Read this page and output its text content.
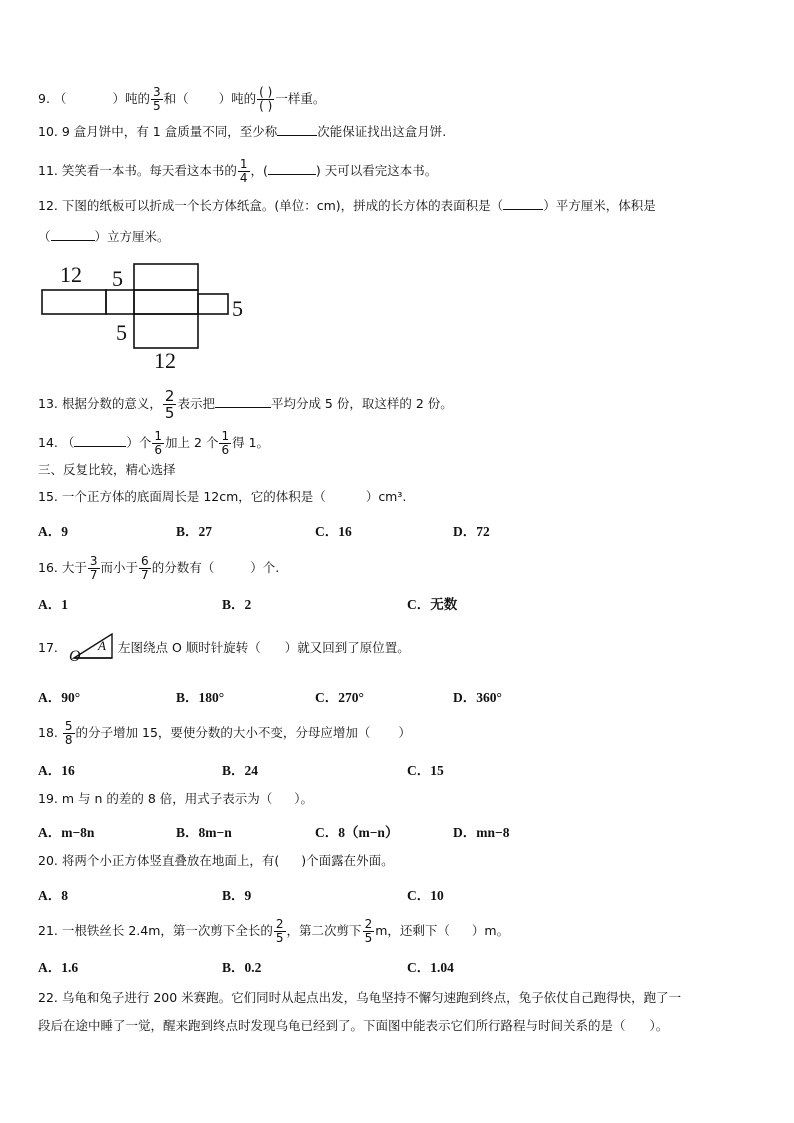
9. （	）吨的 $\frac{3}{5}$ 和（ ）吨的 $\frac{( )}{( )}$ 一样重。
10. 9 盒月饼中，有 1 盒质量不同，至少称	次能保证找出这盒月饼.
11. 笑笑看一本书。每天看这本书的 $\frac{1}{4}$ ，(	) 天可以看完这本书。
12. 下图的纸板可以折成一个长方体纸盒。(单位：cm)，拼成的长方体的表面积是（	）平方厘米，体积是
（	）立方厘米。
12 5
5
5
12
13. 根据分数的意义， $\frac{2}{5}$ 表示把	平均分成 5 份，取这样的 2 份。
14. （	）个 $\frac{1}{6}$ 加上 2 个 $\frac{1}{6}$ 得 1。
三、反复比较，精心选择
15. 一个正方体的底面周长是 12cm，它的体积是（	）cm³.
A．9	B．27	C．16	D．72
16. 大于 $\frac{3}{7}$ 而小于 $\frac{6}{7}$ 的分数有（	）个.
A．1	B．2	C．无数
17.
O
A 左图绕点 O 顺时针旋转（ ）就又回到了原位置。
A．90°	B．180°	C．270°	D．360°
18. $\frac{5}{8}$ 的分子增加 15，要使分数的大小不变，分母应增加（ ）
A．16	B．24	C．15
19. m 与 n 的差的 8 倍，用式子表示为（ ）。
A．m−8n	B．8m−n	C．8（m−n）	D．mn−8
20. 将两个小正方体竖直叠放在地面上，有( )个面露在外面。
A．8	B．9	C．10
21. 一根铁丝长 2.4m，第一次剪下全长的 $\frac{2}{5}$ ，第二次剪下 $\frac{2}{5}$ m，还剩下（ ）m。
A．1.6	B．0.2	C．1.04
22. 乌龟和兔子进行 200 米赛跑。它们同时从起点出发，乌龟坚持不懈匀速跑到终点，兔子依仗自己跑得快，跑了一
段后在途中睡了一觉，醒来跑到终点时发现乌龟已经到了。下面图中能表示它们所行路程与时间关系的是（ ）。
